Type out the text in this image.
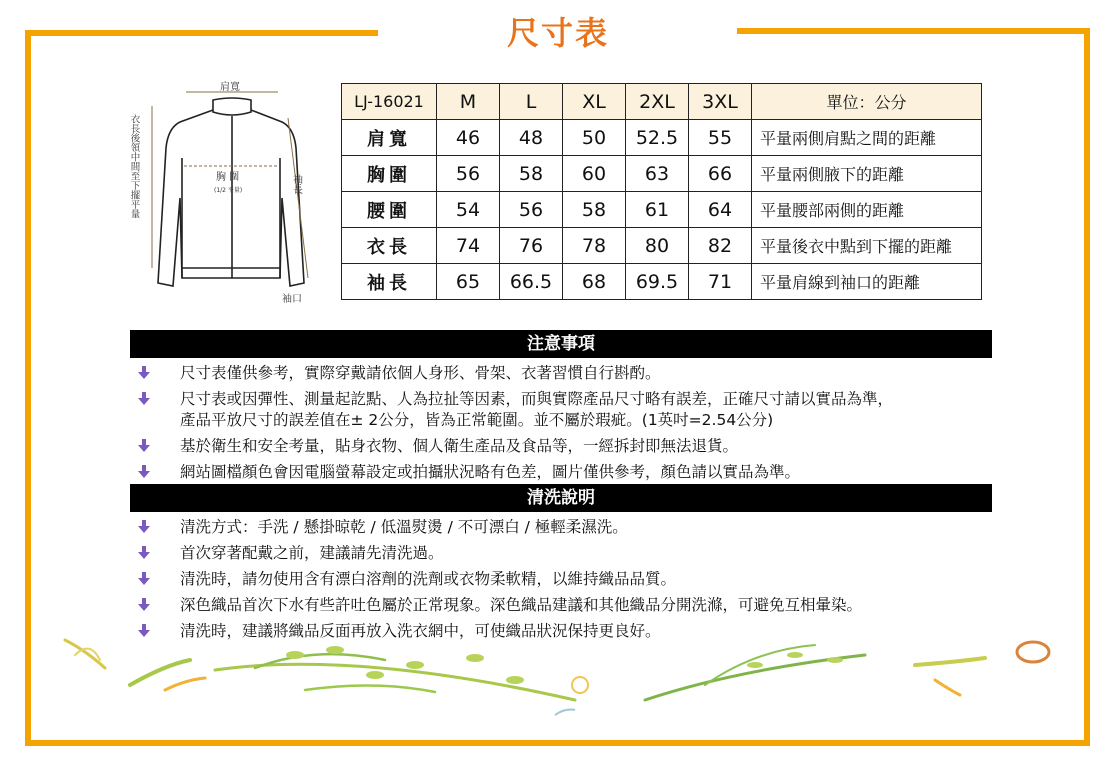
尺寸表
肩寬
胸 圍
(1/2 平量)
衣長後領中間至下擺平量	袖長
袖口
LJ-16021	M	L	XL	2XL	3XL	單位：公分
肩寬	46	48	50	52.5	55	平量兩側肩點之間的距離
胸圍	56	58	60	63	66	平量兩側腋下的距離
腰圍	54	56	58	61	64	平量腰部兩側的距離
衣長	74	76	78	80	82	平量後衣中點到下擺的距離
袖長	65	66.5	68	69.5	71	平量肩線到袖口的距離
注意事項
尺寸表僅供參考，實際穿戴請依個人身形、骨架、衣著習慣自行斟酌。
尺寸表或因彈性、測量起訖點、人為拉扯等因素，而與實際產品尺寸略有誤差，正確尺寸請以實品為準，
產品平放尺寸的誤差值在± 2公分，皆為正常範圍。並不屬於瑕疵。(1英吋=2.54公分)
基於衛生和安全考量，貼身衣物、個人衛生產品及食品等，一經拆封即無法退貨。
網站圖檔顏色會因電腦螢幕設定或拍攝狀況略有色差，圖片僅供參考，顏色請以實品為準。
清洗說明
清洗方式：手洗 / 懸掛晾乾 / 低溫熨燙 / 不可漂白 / 極輕柔濕洗。
首次穿著配戴之前，建議請先清洗過。
清洗時，請勿使用含有漂白溶劑的洗劑或衣物柔軟精，以維持織品品質。
深色織品首次下水有些許吐色屬於正常現象。深色織品建議和其他織品分開洗滌，可避免互相暈染。
清洗時，建議將織品反面再放入洗衣網中，可使織品狀況保持更良好。
